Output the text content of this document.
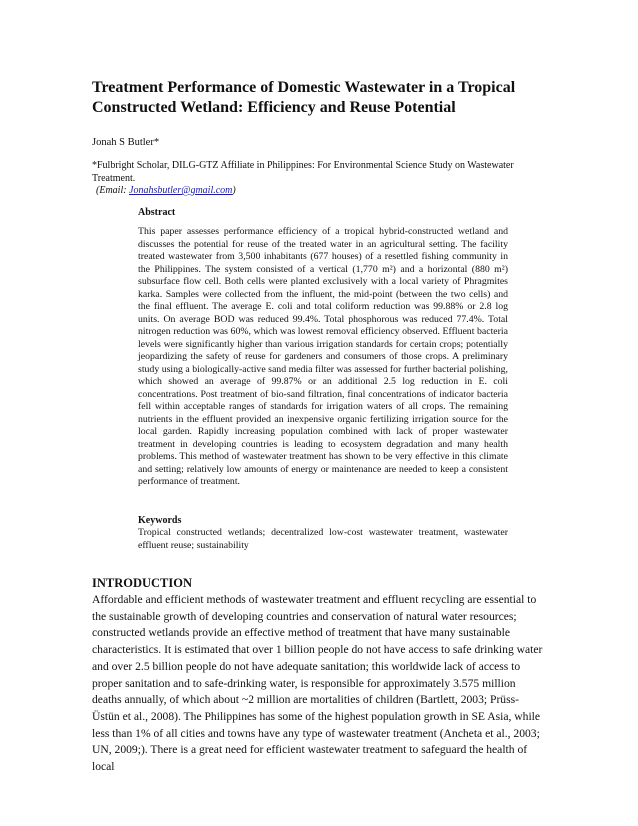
Treatment Performance of Domestic Wastewater in a Tropical Constructed Wetland: Efficiency and Reuse Potential
Jonah S Butler*
*Fulbright Scholar, DILG-GTZ Affiliate in Philippines: For Environmental Science Study on Wastewater Treatment.
(Email: Jonahsbutler@gmail.com)
Abstract

This paper assesses performance efficiency of a tropical hybrid-constructed wetland and discusses the potential for reuse of the treated water in an agricultural setting. The facility treated wastewater from 3,500 inhabitants (677 houses) of a resettled fishing community in the Philippines. The system consisted of a vertical (1,770 m²) and a horizontal (880 m²) subsurface flow cell. Both cells were planted exclusively with a local variety of Phragmites karka. Samples were collected from the influent, the mid-point (between the two cells) and the final effluent. The average E. coli and total coliform reduction was 99.88% or 2.8 log units. On average BOD was reduced 99.4%. Total phosphorous was reduced 77.4%. Total nitrogen reduction was 60%, which was lowest removal efficiency observed. Effluent bacteria levels were significantly higher than various irrigation standards for certain crops; potentially jeopardizing the safety of reuse for gardeners and consumers of those crops. A preliminary study using a biologically-active sand media filter was assessed for further bacterial polishing, which showed an average of 99.87% or an additional 2.5 log reduction in E. coli concentrations. Post treatment of bio-sand filtration, final concentrations of indicator bacteria fell within acceptable ranges of standards for irrigation waters of all crops. The remaining nutrients in the effluent provided an inexpensive organic fertilizing irrigation source for the local garden. Rapidly increasing population combined with lack of proper wastewater treatment in developing countries is leading to ecosystem degradation and many health problems. This method of wastewater treatment has shown to be very effective in this climate and setting; relatively low amounts of energy or maintenance are needed to keep a consistent performance of treatment.

Keywords

Tropical constructed wetlands; decentralized low-cost wastewater treatment, wastewater effluent reuse; sustainability

INTRODUCTION

Affordable and efficient methods of wastewater treatment and effluent recycling are essential to the sustainable growth of developing countries and conservation of natural water resources; constructed wetlands provide an effective method of treatment that have many sustainable characteristics. It is estimated that over 1 billion people do not have access to safe drinking water and over 2.5 billion people do not have adequate sanitation; this worldwide lack of access to proper sanitation and to safe-drinking water, is responsible for approximately 3.575 million deaths annually, of which about ~2 million are mortalities of children (Bartlett, 2003; Prüss-Üstün et al., 2008). The Philippines has some of the highest population growth in SE Asia, while less than 1% of all cities and towns have any type of wastewater treatment (Ancheta et al., 2003; UN, 2009;). There is a great need for efficient wastewater treatment to safeguard the health of local
